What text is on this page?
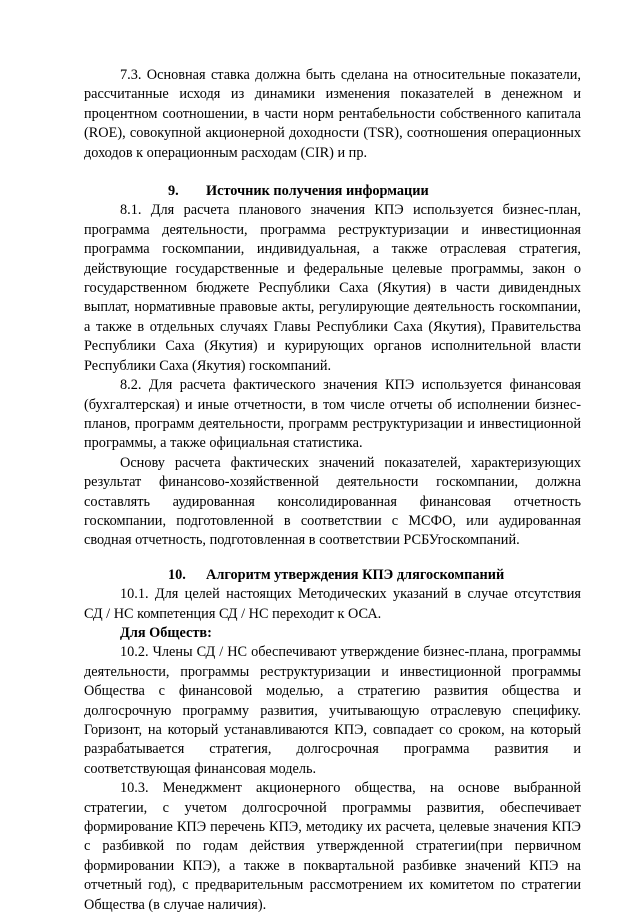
7.3. Основная ставка должна быть сделана на относительные показатели, рассчитанные исходя из динамики изменения показателей в денежном и процентном соотношении, в части норм рентабельности собственного капитала (ROE), совокупной акционерной доходности (TSR), соотношения операционных доходов к операционным расходам (CIR) и пр.

9. Источник получения информации

8.1. Для расчета планового значения КПЭ используется бизнес-план, программа деятельности, программа реструктуризации и инвестиционная программа госкомпании, индивидуальная, а также отраслевая стратегия, действующие государственные и федеральные целевые программы, закон о государственном бюджете Республики Саха (Якутия) в части дивидендных выплат, нормативные правовые акты, регулирующие деятельность госкомпании, а также в отдельных случаях Главы Республики Саха (Якутия), Правительства Республики Саха (Якутия) и курирующих органов исполнительной власти Республики Саха (Якутия) госкомпаний.

8.2. Для расчета фактического значения КПЭ используется финансовая (бухгалтерская) и иные отчетности, в том числе отчеты об исполнении бизнес-планов, программ деятельности, программ реструктуризации и инвестиционной программы, а также официальная статистика.

Основу расчета фактических значений показателей, характеризующих результат финансово-хозяйственной деятельности госкомпании, должна составлять аудированная консолидированная финансовая отчетность госкомпании, подготовленной в соответствии с МСФО, или аудированная сводная отчетность, подготовленная в соответствии РСБУгоскомпаний.

10. Алгоритм утверждения КПЭ длягоскомпаний

10.1. Для целей настоящих Методических указаний в случае отсутствия СД / НС компетенция СД / НС переходит к ОСА.

Для Обществ:

10.2. Члены СД / НС обеспечивают утверждение бизнес-плана, программы деятельности, программы реструктуризации и инвестиционной программы Общества с финансовой моделью, а стратегию развития общества и долгосрочную программу развития, учитывающую отраслевую специфику. Горизонт, на который устанавливаются КПЭ, совпадает со сроком, на который разрабатывается стратегия, долгосрочная программа развития и соответствующая финансовая модель.

10.3. Менеджмент акционерного общества, на основе выбранной стратегии, с учетом долгосрочной программы развития, обеспечивает формирование КПЭ перечень КПЭ, методику их расчета, целевые значения КПЭ с разбивкой по годам действия утвержденной стратегии(при первичном формировании КПЭ), а также в поквартальной разбивке значений КПЭ на отчетный год), с предварительным рассмотрением их комитетом по стратегии Общества (в случае наличия).
